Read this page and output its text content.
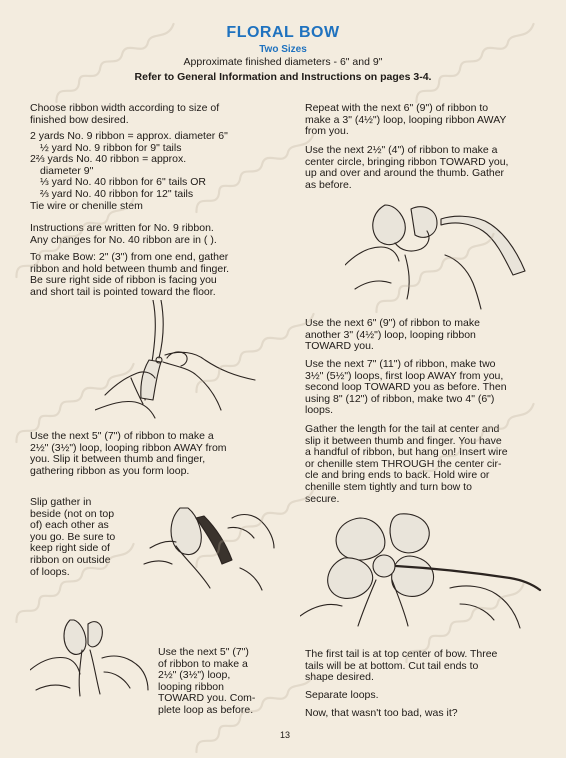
FLORAL BOW
Two Sizes
Approximate finished diameters - 6" and 9"
Refer to General Information and Instructions on pages 3-4.

Choose ribbon width according to size of

finished bow desired.

2 yards No. 9 ribbon = approx. diameter 6"

½ yard No. 9 ribbon for 9" tails

2⅔ yards No. 40 ribbon = approx.

diameter 9"

⅓ yard No. 40 ribbon for 6" tails OR

⅔ yard No. 40 ribbon for 12" tails

Tie wire or chenille stem

Instructions are written for No. 9 ribbon.

Any changes for No. 40 ribbon are in ( ).

To make Bow: 2" (3") from one end, gather

ribbon and hold between thumb and finger.

Be sure right side of ribbon is facing you

and short tail is pointed toward the floor.

Use the next 5" (7") of ribbon to make a

2½" (3½") loop, looping ribbon AWAY from

you. Slip it between thumb and finger,

gathering ribbon as you form loop.

Slip gather in

beside (not on top

of) each other as

you go. Be sure to

keep right side of

ribbon on outside

of loops.

Use the next 5" (7")

of ribbon to make a

2½" (3½") loop,

looping ribbon

TOWARD you. Com-

plete loop as before.

Repeat with the next 6" (9") of ribbon to

make a 3" (4½") loop, looping ribbon AWAY

from you.

Use the next 2½" (4") of ribbon to make a

center circle, bringing ribbon TOWARD you,

up and over and around the thumb. Gather

as before.

Use the next 6" (9") of ribbon to make

another 3" (4½") loop, looping ribbon

TOWARD you.

Use the next 7" (11") of ribbon, make two

3½" (5½") loops, first loop AWAY from you,

second loop TOWARD you as before. Then

using 8" (12") of ribbon, make two 4" (6")

loops.

Gather the length for the tail at center and

slip it between thumb and finger. You have

a handful of ribbon, but hang on! Insert wire

or chenille stem THROUGH the center cir-

cle and bring ends to back. Hold wire or

chenille stem tightly and turn bow to

secure.

The first tail is at top center of bow. Three

tails will be at bottom. Cut tail ends to

shape desired.

Separate loops.

Now, that wasn't too bad, was it?

13
